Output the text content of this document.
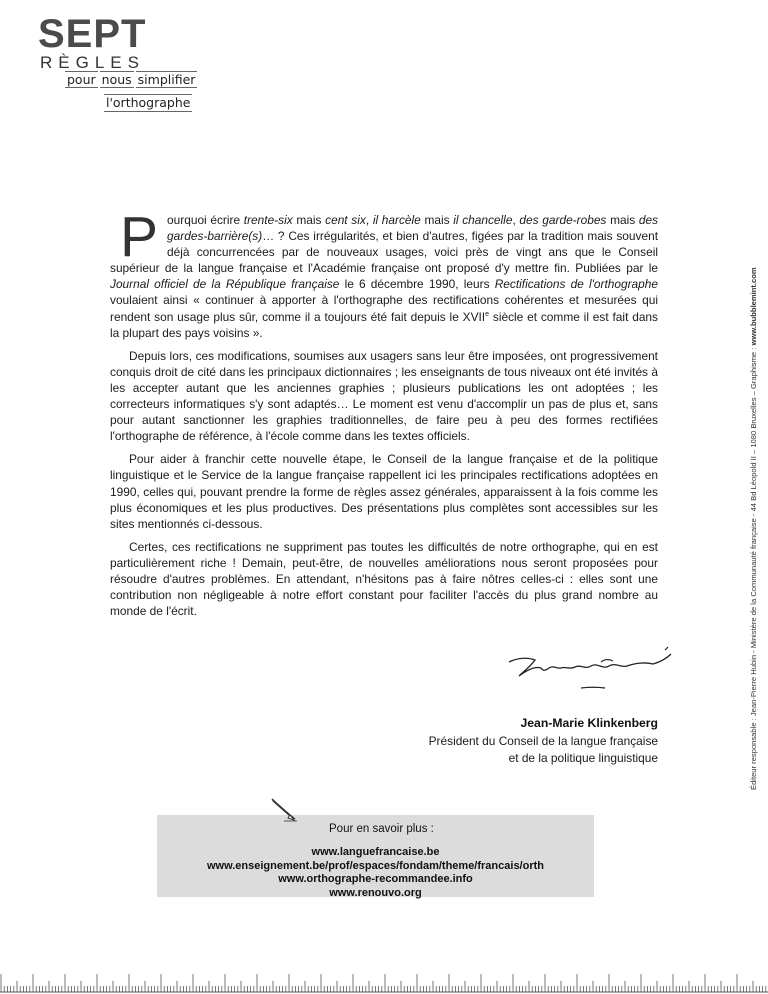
SEPT
RÈGLES
pour nous simplifier
l'orthographe
Éditeur responsable : Jean-Pierre Hubin - Ministère de la Communauté française - 44 Bd Léopold II – 1080 Bruxelles – Graphisme : www.bubblemint.com

Pourquoi écrire trente-six mais cent six, il harcèle mais il chancelle, des garde-robes mais des gardes-barrière(s)… ? Ces irrégularités, et bien d'autres, figées par la tradition mais souvent déjà concurrencées par de nouveaux usages, voici près de vingt ans que le Conseil supérieur de la langue française et l'Académie française ont proposé d'y mettre fin. Publiées par le Journal officiel de la République française le 6 décembre 1990, leurs Rectifications de l'orthographe voulaient ainsi « continuer à apporter à l'orthographe des rectifications cohérentes et mesurées qui rendent son usage plus sûr, comme il a toujours été fait depuis le XVIIe siècle et comme il est fait dans la plupart des pays voisins ».

Depuis lors, ces modifications, soumises aux usagers sans leur être imposées, ont progressivement conquis droit de cité dans les principaux dictionnaires ; les enseignants de tous niveaux ont été invités à les accepter autant que les anciennes graphies ; plusieurs publications les ont adoptées ; les correcteurs informatiques s'y sont adaptés… Le moment est venu d'accomplir un pas de plus et, sans pour autant sanctionner les graphies traditionnelles, de faire peu à peu des formes rectifiées l'orthographe de référence, à l'école comme dans les textes officiels.

Pour aider à franchir cette nouvelle étape, le Conseil de la langue française et de la politique linguistique et le Service de la langue française rappellent ici les principales rectifications adoptées en 1990, celles qui, pouvant prendre la forme de règles assez générales, apparaissent à la fois comme les plus économiques et les plus productives. Des présentations plus complètes sont accessibles sur les sites mentionnés ci-dessous.

Certes, ces rectifications ne suppriment pas toutes les difficultés de notre orthographe, qui en est particulièrement riche ! Demain, peut-être, de nouvelles améliorations nous seront proposées pour résoudre d'autres problèmes. En attendant, n'hésitons pas à faire nôtres celles-ci : elles sont une contribution non négligeable à notre effort constant pour faciliter l'accès du plus grand nombre au monde de l'écrit.

Jean-Marie Klinkenberg
Président du Conseil de la langue française
et de la politique linguistique
Pour en savoir plus :
www.languefrancaise.be
www.enseignement.be/prof/espaces/fondam/theme/francais/orth
www.orthographe-recommandee.info
www.renouvo.org
